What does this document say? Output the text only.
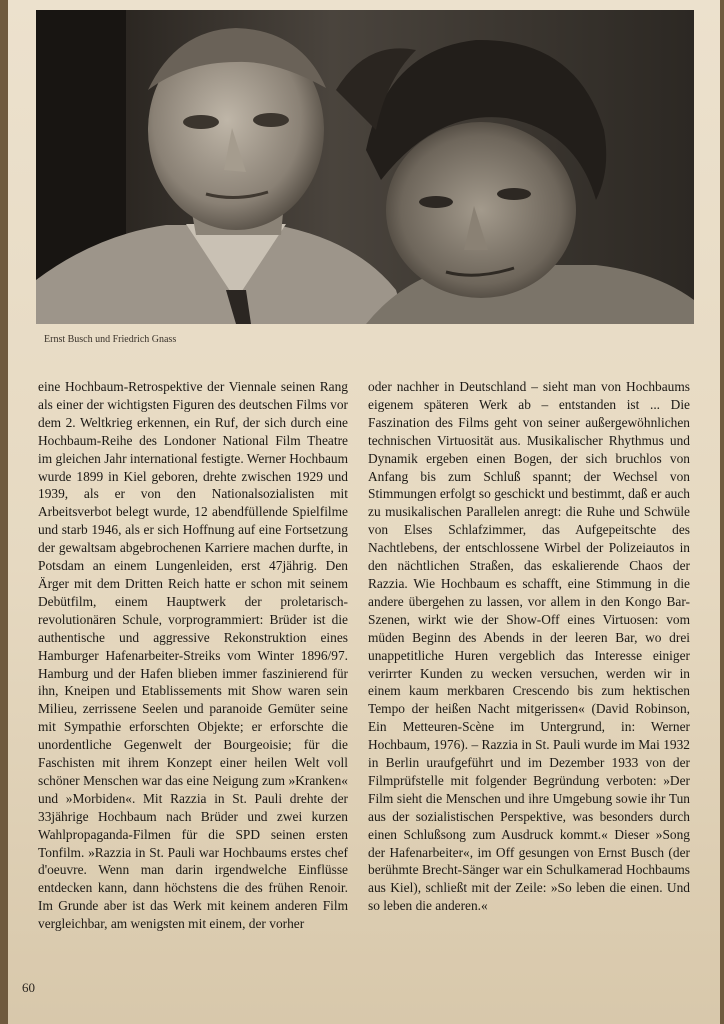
Ernst Busch und Friedrich Gnass

eine Hochbaum-Retrospektive der Viennale seinen Rang als einer der wichtigsten Figuren des deutschen Films vor dem 2. Weltkrieg erkennen, ein Ruf, der sich durch eine Hochbaum-Reihe des Londoner National Film Theatre im gleichen Jahr international festigte. Werner Hochbaum wurde 1899 in Kiel geboren, drehte zwischen 1929 und 1939, als er von den Nationalsozialisten mit Arbeitsverbot belegt wurde, 12 abendfüllende Spielfilme und starb 1946, als er sich Hoffnung auf eine Fortsetzung der gewaltsam abgebrochenen Karriere machen durfte, in Potsdam an einem Lungenleiden, erst 47jährig. Den Ärger mit dem Dritten Reich hatte er schon mit seinem Debütfilm, einem Hauptwerk der proletarisch-revolutionären Schule, vorprogrammiert: Brüder ist die authentische und aggressive Rekonstruktion eines Hamburger Hafenarbeiter-Streiks vom Winter 1896/97. Hamburg und der Hafen blieben immer faszinierend für ihn, Kneipen und Etablissements mit Show waren sein Milieu, zerrissene Seelen und paranoide Gemüter seine mit Sympathie erforschten Objekte; er erforschte die unordentliche Gegenwelt der Bourgeoisie; für die Faschisten mit ihrem Konzept einer heilen Welt voll schöner Menschen war das eine Neigung zum »Kranken« und »Morbiden«. Mit Razzia in St. Pauli drehte der 33jährige Hochbaum nach Brüder und zwei kurzen Wahlpropaganda-Filmen für die SPD seinen ersten Tonfilm. »Razzia in St. Pauli war Hochbaums erstes chef d'oeuvre. Wenn man darin irgendwelche Einflüsse entdecken kann, dann höchstens die des frühen Renoir. Im Grunde aber ist das Werk mit keinem anderen Film vergleichbar, am wenigsten mit einem, der vorher

oder nachher in Deutschland – sieht man von Hochbaums eigenem späteren Werk ab – entstanden ist ... Die Faszination des Films geht von seiner außergewöhnlichen technischen Virtuosität aus. Musikalischer Rhythmus und Dynamik ergeben einen Bogen, der sich bruchlos von Anfang bis zum Schluß spannt; der Wechsel von Stimmungen erfolgt so geschickt und bestimmt, daß er auch zu musikalischen Parallelen anregt: die Ruhe und Schwüle von Elses Schlafzimmer, das Aufgepeitschte des Nachtlebens, der entschlossene Wirbel der Polizeiautos in den nächtlichen Straßen, das eskalierende Chaos der Razzia. Wie Hochbaum es schafft, eine Stimmung in die andere übergehen zu lassen, vor allem in den Kongo Bar-Szenen, wirkt wie der Show-Off eines Virtuosen: vom müden Beginn des Abends in der leeren Bar, wo drei unappetitliche Huren vergeblich das Interesse einiger verirrter Kunden zu wecken versuchen, werden wir in einem kaum merkbaren Crescendo bis zum hektischen Tempo der heißen Nacht mitgerissen« (David Robinson, Ein Metteuren-Scène im Untergrund, in: Werner Hochbaum, 1976). – Razzia in St. Pauli wurde im Mai 1932 in Berlin uraufgeführt und im Dezember 1933 von der Filmprüfstelle mit folgender Begründung verboten: »Der Film sieht die Menschen und ihre Umgebung sowie ihr Tun aus der sozialistischen Perspektive, was besonders durch einen Schlußsong zum Ausdruck kommt.« Dieser »Song der Hafenarbeiter«, im Off gesungen von Ernst Busch (der berühmte Brecht-Sänger war ein Schulkamerad Hochbaums aus Kiel), schließt mit der Zeile: »So leben die einen. Und so leben die anderen.«

60
